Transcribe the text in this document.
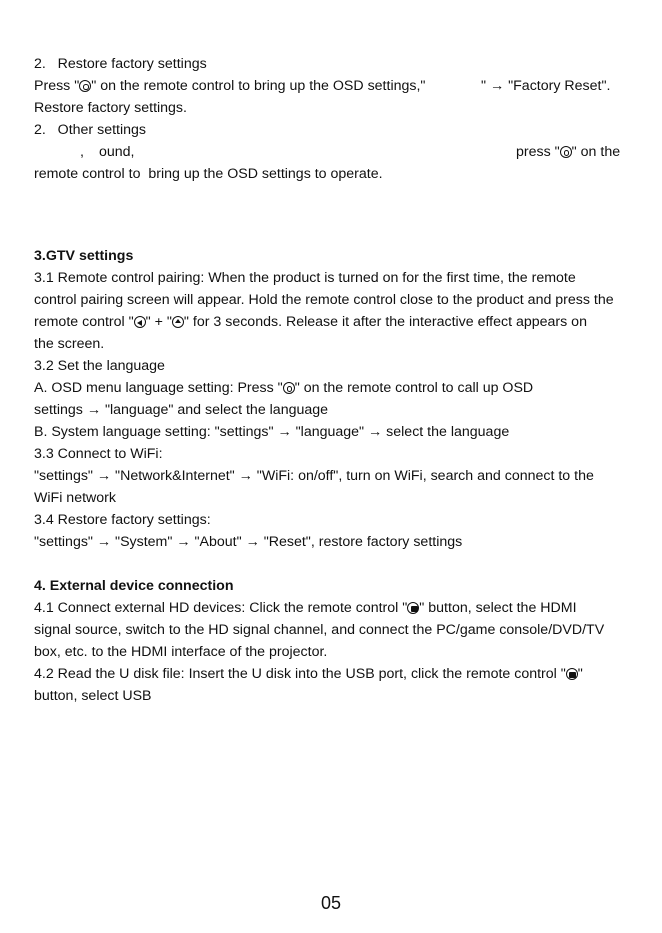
2. Restore factory settings
Press " " on the remote control to bring up the OSD settings,"	" → "Factory Reset".
Restore factory settings.
2. Other settings
, ound,	press " " on the
remote control to  bring up the OSD settings to operate.
3.GTV settings
3.1 Remote control pairing: When the product is turned on for the first time, the remote
control pairing screen will appear. Hold the remote control close to the product and press the
remote control " " + " " for 3 seconds. Release it after the interactive effect appears on
the screen.
3.2 Set the language
A. OSD menu language setting: Press " " on the remote control to call up OSD
settings → "language" and select the language
B. System language setting: "settings" → "language" → select the language
3.3 Connect to WiFi:
"settings" → "Network&Internet" → "WiFi: on/off", turn on WiFi, search and connect to the
WiFi network
3.4 Restore factory settings:
"settings" → "System" → "About" → "Reset", restore factory settings
4. External device connection
4.1 Connect external HD devices: Click the remote control " " button, select the HDMI
signal source, switch to the HD signal channel, and connect the PC/game console/DVD/TV
box, etc. to the HDMI interface of the projector.
4.2 Read the U disk file: Insert the U disk into the USB port, click the remote control " "
button, select USB
05
